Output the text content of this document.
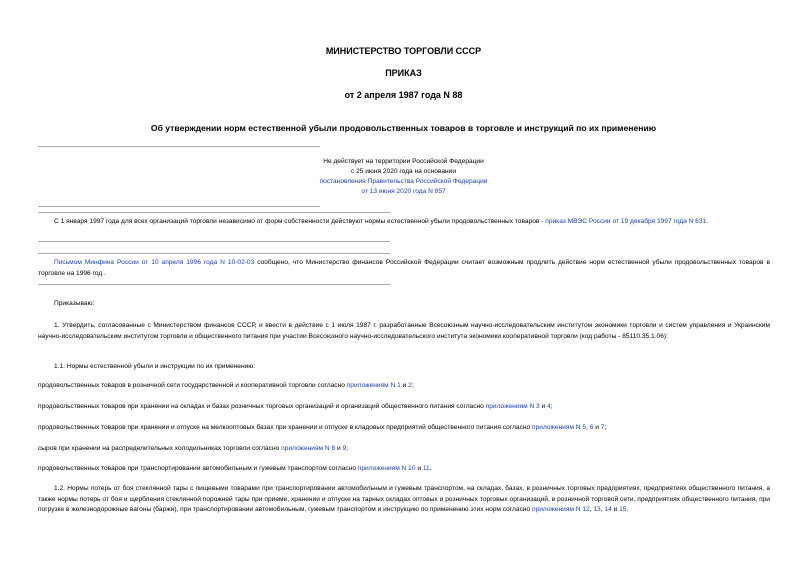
МИНИСТЕРСТВО ТОРГОВЛИ СССР
ПРИКАЗ
от 2 апреля 1987 года N 88
Об утверждении норм естественной убыли продовольственных товаров в торговле и инструкций по их применению
Не действует на территории Российской Федерации
с 25 июня 2020 года на основании
постановления Правительства Российской Федерации
от 13 июня 2020 года N 857
С 1 января 1997 года для всех организаций торговли независимо от форм собственности действуют нормы естественной убыли продовольственных товаров - приказ МВЭС России от 19 декабря 1997 года N 631.
Письмом Минфина России от 10 апреля 1996 года N 10-02-03 сообщено, что Министерство финансов Российской Федерации считает возможным продлить действие норм естественной убыли продовольственных товаров в торговле на 1996 год .
Приказываю:
1. Утвердить, согласованные с Министерством финансов СССР, и ввести в действие с 1 июля 1987 г. разработанные Всесоюзным научно-исследовательским институтом экономики торговли и систем управления и Украинским научно-исследовательским институтом торговли и общественного питания при участии Всесоюзного научно-исследовательского института экономики кооперативной торговли (код работы - 85110.35.1.06):
1.1. Нормы естественной убыли и инструкции по их применению:
продовольственных товаров в розничной сети государственной и кооперативной торговли согласно приложениям N 1 и 2;
продовольственных товаров при хранении на складах и базах розничных торговых организаций и организаций общественного питания согласно приложениям N 3 и 4;
продовольственных товаров при хранении и отпуске на мелкооптовых базах при хранении и отпуске в кладовых предприятий общественного питания согласно приложениям N 5, 6 и 7;
сыров при хранении на распределительных холодильниках торговли согласно приложениям N 8 и 9;
продовольственных товаров при транспортировании автомобильным и гужевым транспортом согласно приложениям N 10 и 11.
1.2. Нормы потерь от боя стеклянной тары с пищевыми товарами при транспортировании автомобильным и гужевым транспортом, на складах, базах, в розничных торговых предприятиях, предприятиях общественного питания, а также нормы потерь от боя и щербления стеклянной порожней тары при приеме, хранении и отпуске на тарных складах оптовых и розничных торговых организаций, в розничной торговой сети, предприятиях общественного питания, при погрузке в железнодорожные вагоны (баржи), при транспортировании автомобильным, гужевым транспортом и инструкцию по применению этих норм согласно приложениям N 12, 13, 14 и 15.
